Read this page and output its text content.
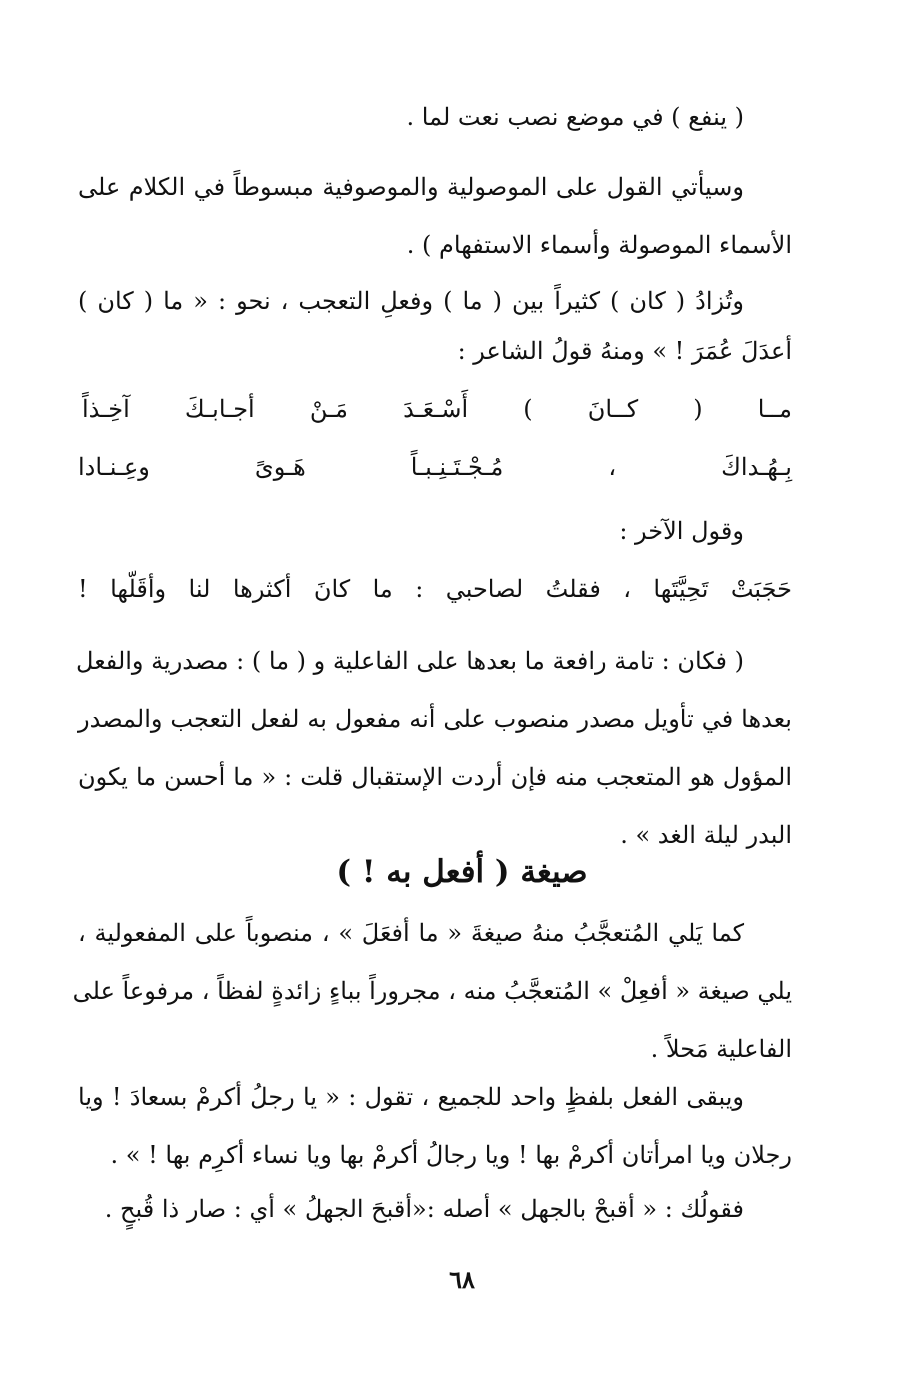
( ينفع ) في موضع نصب نعت لما .
وسيأتي القول على الموصولية والموصوفية مبسوطاً في الكلام على
الأسماء الموصولة وأسماء الاستفهام ) .
وتُزادُ ( كان ) كثيراً بين ( ما ) وفعلِ التعجب ، نحو : « ما ( كان )
أعدَلَ عُمَرَ ! » ومنهُ قولُ الشاعر :
مــا ( كــانَ ) أَسْـعَـدَ مَـنْ أجـابـكَ آخِـذاً
بِـهُـداكَ ، مُـجْـتَـنِـبـاً هَـوىً وعِـنـادا
وقول الآخر :
حَجَبَتْ تَحِيَّتَها ، فقلتُ لصاحبي : ما كانَ أكثرها لنا وأقَلّها !
( فكان : تامة رافعة ما بعدها على الفاعلية و ( ما ) : مصدرية والفعل
بعدها في تأويل مصدر منصوب على أنه مفعول به لفعل التعجب والمصدر
المؤول هو المتعجب منه فإن أردت الإستقبال قلت : « ما أحسن ما يكون
البدر ليلة الغد » .
صيغة ( أفعل به ! )
كما يَلي المُتعجَّبُ منهُ صيغةَ « ما أفعَلَ » ، منصوباً على المفعولية ،
يلي صيغة « أفعِلْ » المُتعجَّبُ منه ، مجروراً بباءٍ زائدةٍ لفظاً ، مرفوعاً على
الفاعلية مَحلاً .
ويبقى الفعل بلفظٍ واحد للجميع ، تقول : « يا رجلُ أكرمْ بسعادَ ! ويا
رجلان ويا امرأتان أكرمْ بها ! ويا رجالُ أكرمْ بها ويا نساء أكرِم بها ! » .
فقولُك : « أقبحْ بالجهل » أصله :«أقبحَ الجهلُ » أي : صار ذا قُبحٍ .
٦٨
